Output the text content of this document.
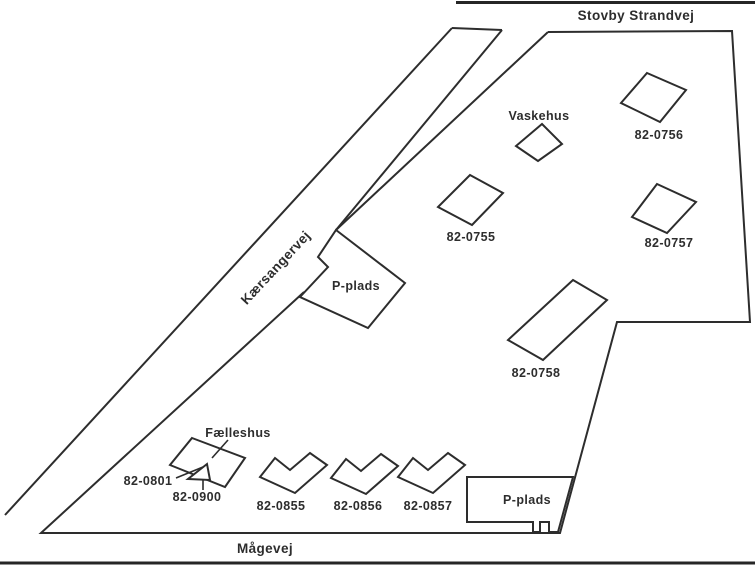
Stovby Strandvej
Kærsangervej
Mågevej
Vaskehus
P-plads
Fælleshus
P-plads
82-0756
82-0755	82-0757
82-0758
82-0801
82-0900
82-0855 82-0856 82-0857
